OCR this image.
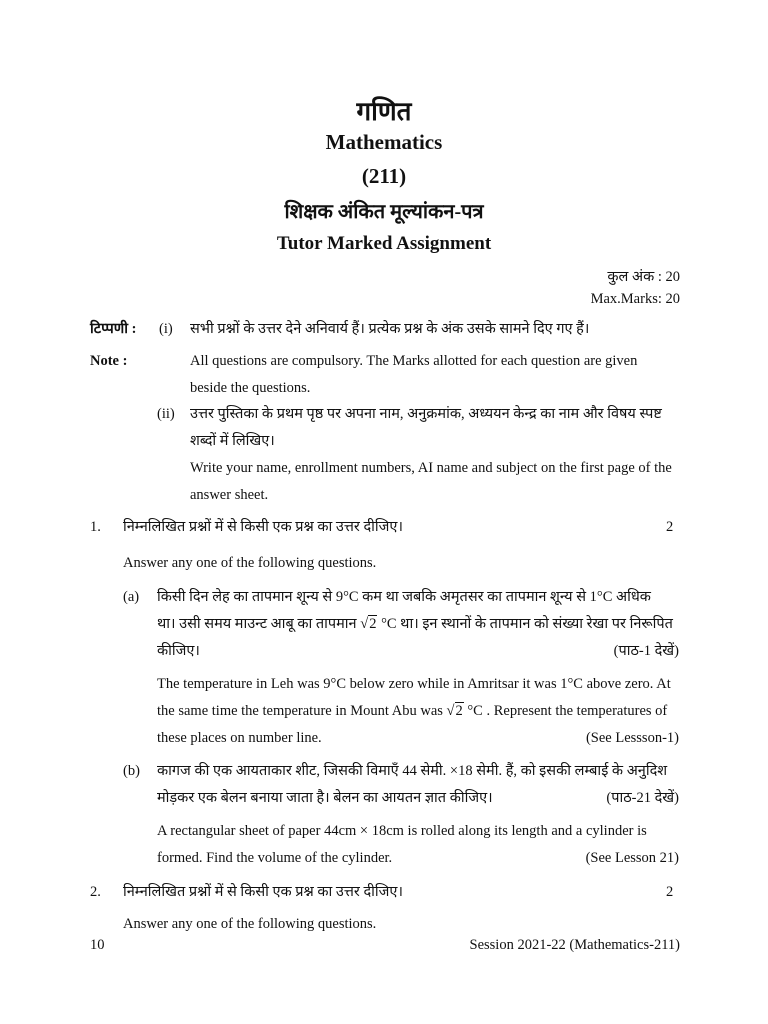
गणित
Mathematics
(211)
शिक्षक अंकित मूल्यांकन-पत्र
Tutor Marked Assignment
कुल अंक : 20
Max.Marks: 20
टिप्पणी : (i) सभी प्रश्नों के उत्तर देने अनिवार्य हैं। प्रत्येक प्रश्न के अंक उसके सामने दिए गए हैं।
Note :	All questions are compulsory. The Marks allotted for each question are given
beside the questions.
(ii) उत्तर पुस्तिका के प्रथम पृष्ठ पर अपना नाम, अनुक्रमांक, अध्ययन केन्द्र का नाम और विषय स्पष्ट
शब्दों में लिखिए।
Write your name, enrollment numbers, AI name and subject on the first page of the
answer sheet.
1. निम्नलिखित प्रश्नों में से किसी एक प्रश्न का उत्तर दीजिए।	2
Answer any one of the following questions.
(a) किसी दिन लेह का तापमान शून्य से 9°C कम था जबकि अमृतसर का तापमान शून्य से 1°C अधिक
था। उसी समय माउन्ट आबू का तापमान √2 °C था। इन स्थानों के तापमान को संख्या रेखा पर निरूपित
कीजिए।	(पाठ-1 देखें)
The temperature in Leh was 9°C below zero while in Amritsar it was 1°C above zero. At
the same time the temperature in Mount Abu was √2 °C . Represent the temperatures of
these places on number line.	(See Lessson-1)
(b) कागज की एक आयताकार शीट, जिसकी विमाएँ 44 सेमी. ×18 सेमी. हैं, को इसकी लम्बाई के अनुदिश
मोड़कर एक बेलन बनाया जाता है। बेलन का आयतन ज्ञात कीजिए।	(पाठ-21 देखें)
A rectangular sheet of paper 44cm × 18cm is rolled along its length and a cylinder is
formed. Find the volume of the cylinder.	(See Lesson 21)
2. निम्नलिखित प्रश्नों में से किसी एक प्रश्न का उत्तर दीजिए।	2
Answer any one of the following questions.
10	Session 2021-22 (Mathematics-211)
